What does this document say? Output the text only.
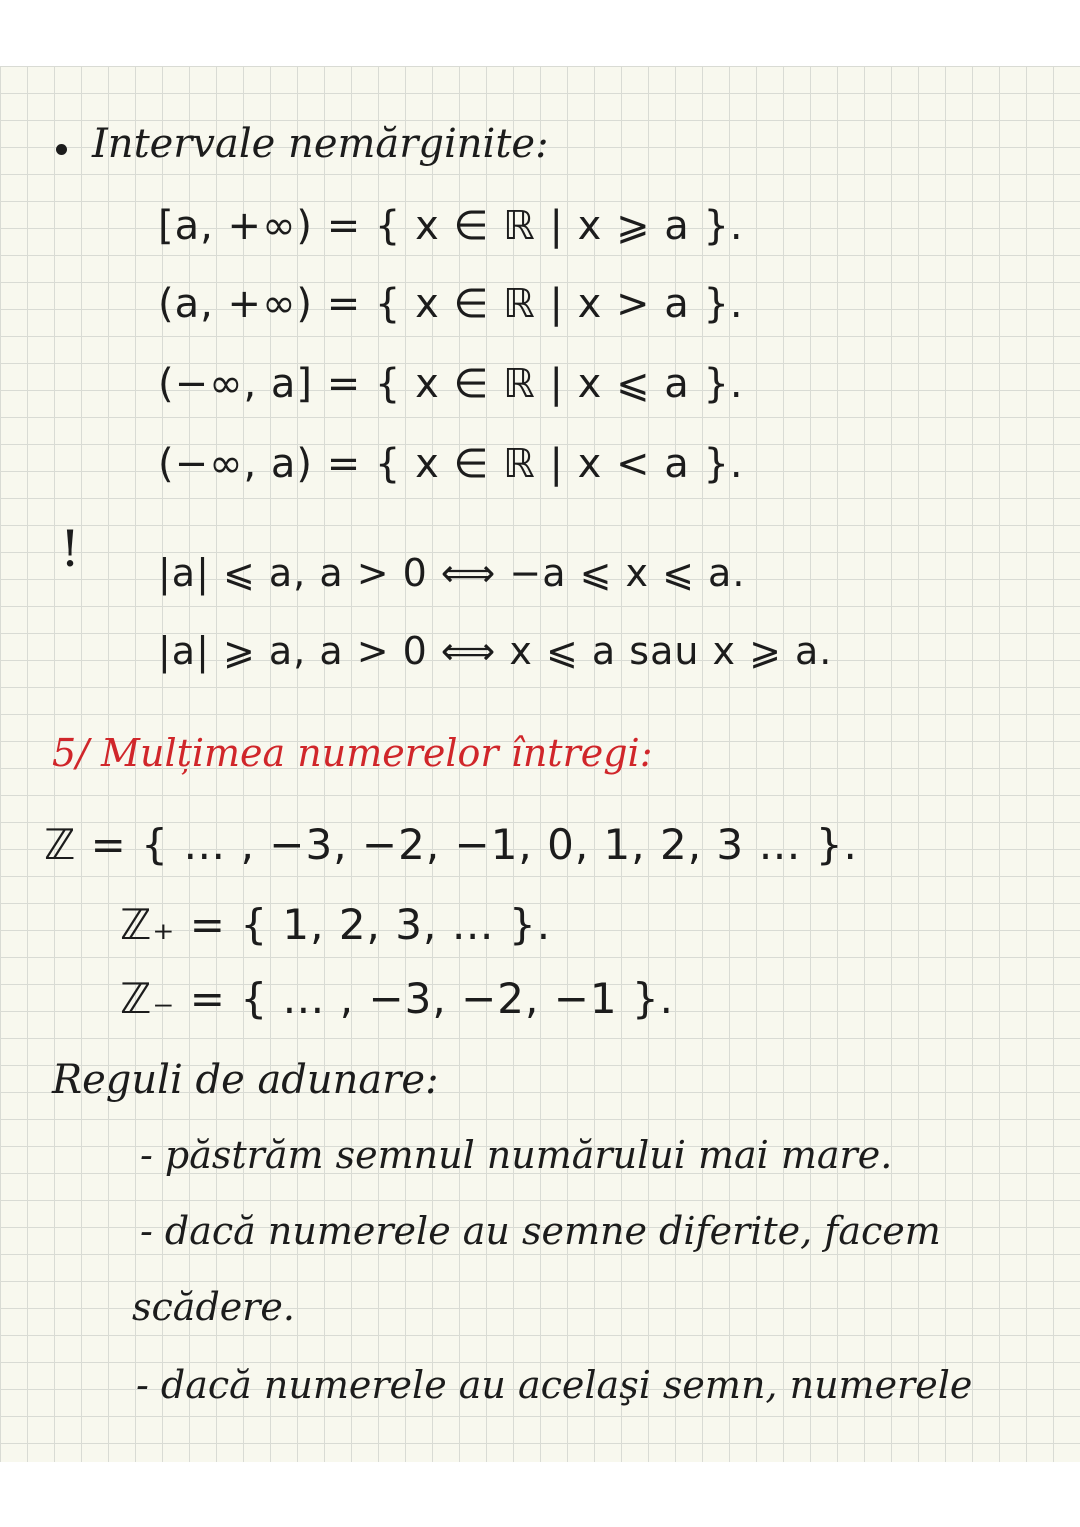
Intervale nemărginite:
[a, +∞) = { x ∈ ℝ | x ⩾ a }.
(a, +∞) = { x ∈ ℝ | x > a }.
(−∞, a] = { x ∈ ℝ | x ⩽ a }.
(−∞, a) = { x ∈ ℝ | x < a }.
! |a| ⩽ a, a > 0 ⟺ −a ⩽ x ⩽ a.
|a| ⩾ a, a > 0 ⟺ x ⩽ a sau x ⩾ a.
5/ Mulțimea numerelor întregi:
ℤ = { … , −3, −2, −1, 0, 1, 2, 3 … }.
ℤ₊ = { 1, 2, 3, … }.
ℤ₋ = { … , −3, −2, −1 }.
Reguli de adunare:
- păstrăm semnul numărului mai mare.
- dacă numerele au semne diferite, facem
scădere.
- dacă numerele au acelaşi semn, numerele
